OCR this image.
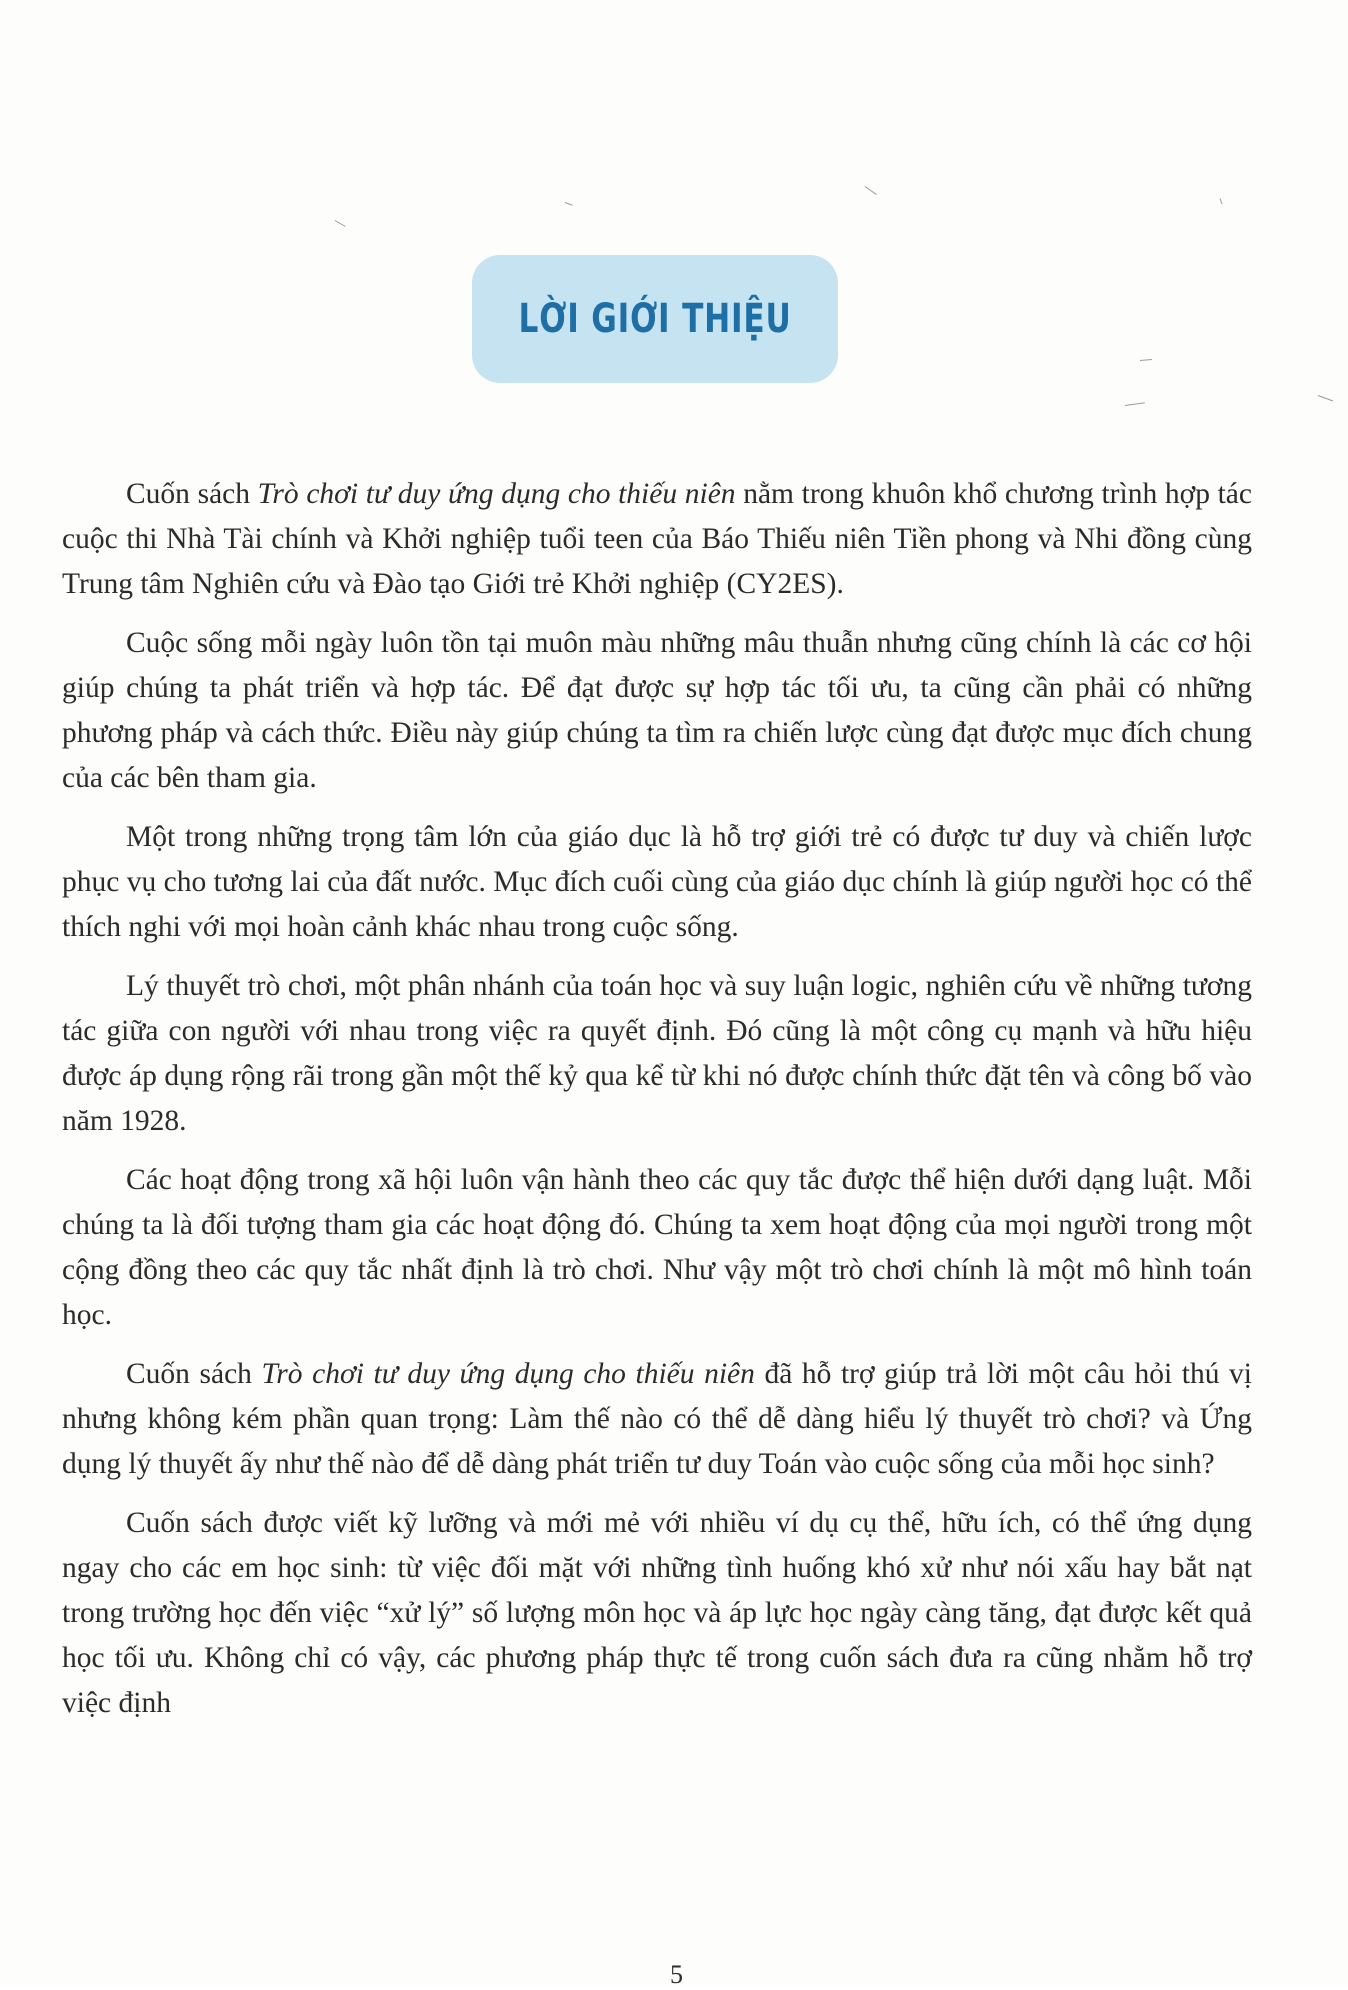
LỜI GIỚI THIỆU

Cuốn sách Trò chơi tư duy ứng dụng cho thiếu niên nằm trong khuôn khổ chương trình hợp tác cuộc thi Nhà Tài chính và Khởi nghiệp tuổi teen của Báo Thiếu niên Tiền phong và Nhi đồng cùng Trung tâm Nghiên cứu và Đào tạo Giới trẻ Khởi nghiệp (CY2ES).

Cuộc sống mỗi ngày luôn tồn tại muôn màu những mâu thuẫn nhưng cũng chính là các cơ hội giúp chúng ta phát triển và hợp tác. Để đạt được sự hợp tác tối ưu, ta cũng cần phải có những phương pháp và cách thức. Điều này giúp chúng ta tìm ra chiến lược cùng đạt được mục đích chung của các bên tham gia.

Một trong những trọng tâm lớn của giáo dục là hỗ trợ giới trẻ có được tư duy và chiến lược phục vụ cho tương lai của đất nước. Mục đích cuối cùng của giáo dục chính là giúp người học có thể thích nghi với mọi hoàn cảnh khác nhau trong cuộc sống.

Lý thuyết trò chơi, một phân nhánh của toán học và suy luận logic, nghiên cứu về những tương tác giữa con người với nhau trong việc ra quyết định. Đó cũng là một công cụ mạnh và hữu hiệu được áp dụng rộng rãi trong gần một thế kỷ qua kể từ khi nó được chính thức đặt tên và công bố vào năm 1928.

Các hoạt động trong xã hội luôn vận hành theo các quy tắc được thể hiện dưới dạng luật. Mỗi chúng ta là đối tượng tham gia các hoạt động đó. Chúng ta xem hoạt động của mọi người trong một cộng đồng theo các quy tắc nhất định là trò chơi. Như vậy một trò chơi chính là một mô hình toán học.

Cuốn sách Trò chơi tư duy ứng dụng cho thiếu niên đã hỗ trợ giúp trả lời một câu hỏi thú vị nhưng không kém phần quan trọng: Làm thế nào có thể dễ dàng hiểu lý thuyết trò chơi? và Ứng dụng lý thuyết ấy như thế nào để dễ dàng phát triển tư duy Toán vào cuộc sống của mỗi học sinh?

Cuốn sách được viết kỹ lưỡng và mới mẻ với nhiều ví dụ cụ thể, hữu ích, có thể ứng dụng ngay cho các em học sinh: từ việc đối mặt với những tình huống khó xử như nói xấu hay bắt nạt trong trường học đến việc “xử lý” số lượng môn học và áp lực học ngày càng tăng, đạt được kết quả học tối ưu. Không chỉ có vậy, các phương pháp thực tế trong cuốn sách đưa ra cũng nhằm hỗ trợ việc định

5
